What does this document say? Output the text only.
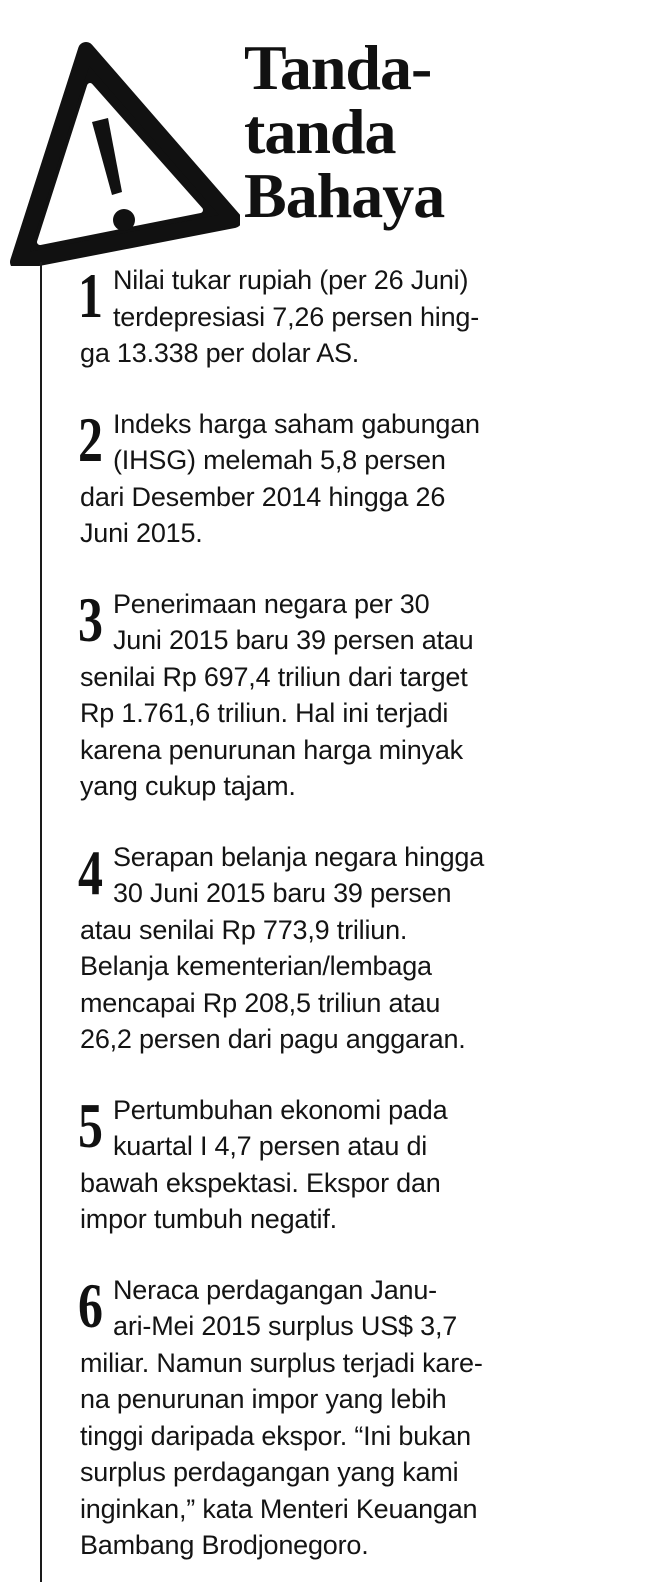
Tanda-
tanda
Bahaya
1 Nilai tukar rupiah (per 26 Juni)
terdepresiasi 7,26 persen hing-
ga 13.338 per dolar AS.
2 Indeks harga saham gabungan
(IHSG) melemah 5,8 persen
dari Desember 2014 hingga 26
Juni 2015.
3 Penerimaan negara per 30
Juni 2015 baru 39 persen atau
senilai Rp 697,4 triliun dari target
Rp 1.761,6 triliun. Hal ini terjadi
karena penurunan harga minyak
yang cukup tajam.
4 Serapan belanja negara hingga
30 Juni 2015 baru 39 persen
atau senilai Rp 773,9 triliun.
Belanja kementerian/lembaga
mencapai Rp 208,5 triliun atau
26,2 persen dari pagu anggaran.
5 Pertumbuhan ekonomi pada
kuartal I 4,7 persen atau di
bawah ekspektasi. Ekspor dan
impor tumbuh negatif.
6 Neraca perdagangan Janu-
ari-Mei 2015 surplus US$ 3,7
miliar. Namun surplus terjadi kare-
na penurunan impor yang lebih
tinggi daripada ekspor. “Ini bukan
surplus perdagangan yang kami
inginkan,” kata Menteri Keuangan
Bambang Brodjonegoro.
